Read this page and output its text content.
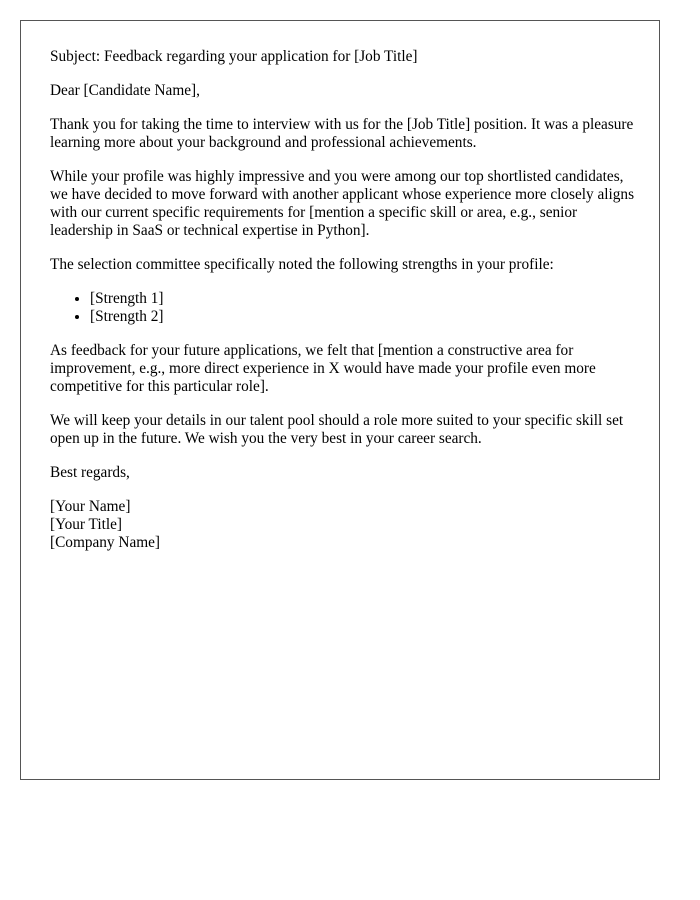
Subject: Feedback regarding your application for [Job Title]

Dear [Candidate Name],

Thank you for taking the time to interview with us for the [Job Title] position. It was a pleasure learning more about your background and professional achievements.

While your profile was highly impressive and you were among our top shortlisted candidates, we have decided to move forward with another applicant whose experience more closely aligns with our current specific requirements for [mention a specific skill or area, e.g., senior leadership in SaaS or technical expertise in Python].

The selection committee specifically noted the following strengths in your profile:

• [Strength 1]
• [Strength 2]

As feedback for your future applications, we felt that [mention a constructive area for improvement, e.g., more direct experience in X would have made your profile even more competitive for this particular role].

We will keep your details in our talent pool should a role more suited to your specific skill set open up in the future. We wish you the very best in your career search.

Best regards,

[Your Name]
[Your Title]
[Company Name]
